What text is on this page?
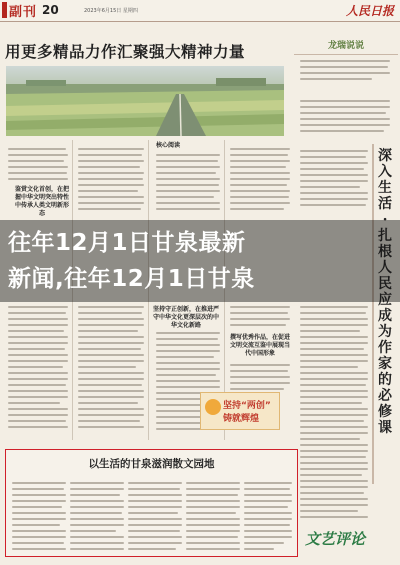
副刊 20	2023年6月15日 星期四	人民日报
用更多精品力作汇聚强大精神力量
鉴赏文化首创，在把握中华文明突出特性中传承人类文明新形态
核心阅读
龙瑞说说
深
入
生
活
·
扎
根
人
民
应
成
为
作
家
的
必
修
课
坚持守正创新，在推进严守中华文化更深层次的中华文化新路
撰写优秀作品，在促进文明交流互鉴中展现当代中国形象
坚持“两创”
铸就辉煌
往年12月1日甘泉最新
新闻,往年12月1日甘泉
以生活的甘泉滋润散文园地
文艺评论
